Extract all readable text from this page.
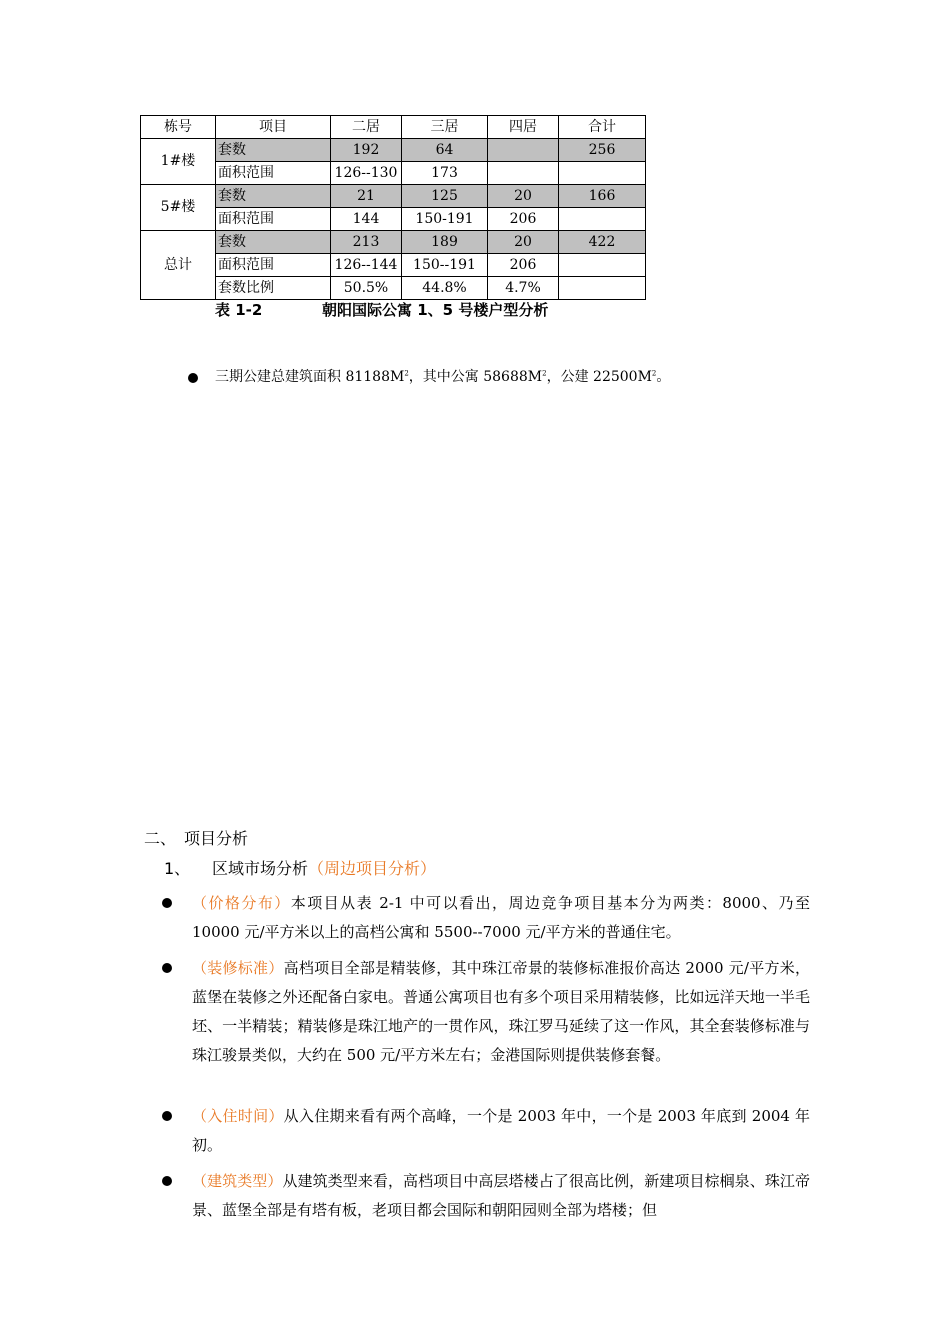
栋号	项目	二居	三居	四居	合计
1#楼	套数	192	64		256
	面积范围	126--130	173		
5#楼	套数	21	125	20	166
	面积范围	144	150-191	206	
总计	套数	213	189	20	422
	面积范围	126--144	150--191	206	
	套数比例	50.5%	44.8%	4.7%	
表 1-2	朝阳国际公寓 1、5 号楼户型分析
三期公建总建筑面积 $81188M^2$，其中公寓 $58688M^2$，公建 $22500M^2$。
二、 项目分析
1、 区域市场分析（周边项目分析）
（价格分布）本项目从表 2-1 中可以看出，周边竞争项目基本分为两类：8000、乃至 10000 元/平方米以上的高档公寓和 5500--7000 元/平方米的普通住宅。
（装修标准）高档项目全部是精装修，其中珠江帝景的装修标准报价高达 2000 元/平方米，蓝堡在装修之外还配备白家电。普通公寓项目也有多个项目采用精装修，比如远洋天地一半毛坯、一半精装；精装修是珠江地产的一贯作风，珠江罗马延续了这一作风，其全套装修标准与珠江骏景类似，大约在 500 元/平方米左右；金港国际则提供装修套餐。
（入住时间）从入住期来看有两个高峰，一个是 2003 年中，一个是 2003 年底到 2004 年初。
（建筑类型）从建筑类型来看，高档项目中高层塔楼占了很高比例，新建项目棕榈泉、珠江帝景、蓝堡全部是有塔有板，老项目都会国际和朝阳园则全部为塔楼；但
